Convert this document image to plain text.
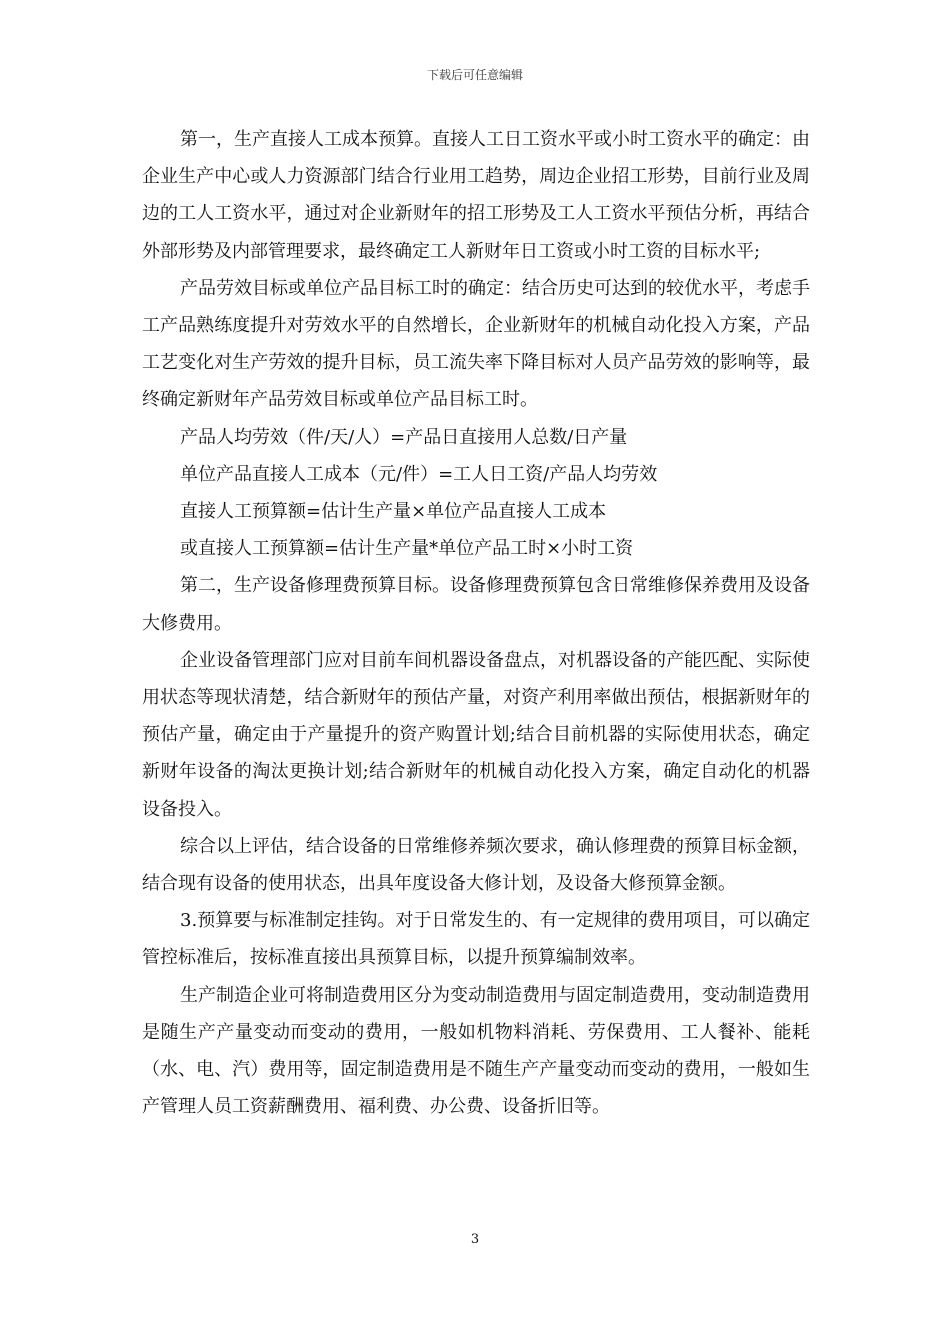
下载后可任意编辑

第一，生产直接人工成本预算。直接人工日工资水平或小时工资水平的确定：由企业生产中心或人力资源部门结合行业用工趋势，周边企业招工形势，目前行业及周边的工人工资水平，通过对企业新财年的招工形势及工人工资水平预估分析，再结合外部形势及内部管理要求，最终确定工人新财年日工资或小时工资的目标水平;

产品劳效目标或单位产品目标工时的确定：结合历史可达到的较优水平，考虑手工产品熟练度提升对劳效水平的自然增长，企业新财年的机械自动化投入方案，产品工艺变化对生产劳效的提升目标，员工流失率下降目标对人员产品劳效的影响等，最终确定新财年产品劳效目标或单位产品目标工时。

产品人均劳效（件/天/人）=产品日直接用人总数/日产量

单位产品直接人工成本（元/件）=工人日工资/产品人均劳效

直接人工预算额=估计生产量×单位产品直接人工成本

或直接人工预算额=估计生产量*单位产品工时×小时工资

第二，生产设备修理费预算目标。设备修理费预算包含日常维修保养费用及设备大修费用。

企业设备管理部门应对目前车间机器设备盘点，对机器设备的产能匹配、实际使用状态等现状清楚，结合新财年的预估产量，对资产利用率做出预估，根据新财年的预估产量，确定由于产量提升的资产购置计划;结合目前机器的实际使用状态，确定新财年设备的淘汰更换计划;结合新财年的机械自动化投入方案，确定自动化的机器设备投入。

综合以上评估，结合设备的日常维修养频次要求，确认修理费的预算目标金额，结合现有设备的使用状态，出具年度设备大修计划，及设备大修预算金额。

3.预算要与标准制定挂钩。对于日常发生的、有一定规律的费用项目，可以确定管控标准后，按标准直接出具预算目标，以提升预算编制效率。

生产制造企业可将制造费用区分为变动制造费用与固定制造费用，变动制造费用是随生产产量变动而变动的费用，一般如机物料消耗、劳保费用、工人餐补、能耗（水、电、汽）费用等，固定制造费用是不随生产产量变动而变动的费用，一般如生产管理人员工资薪酬费用、福利费、办公费、设备折旧等。

3
